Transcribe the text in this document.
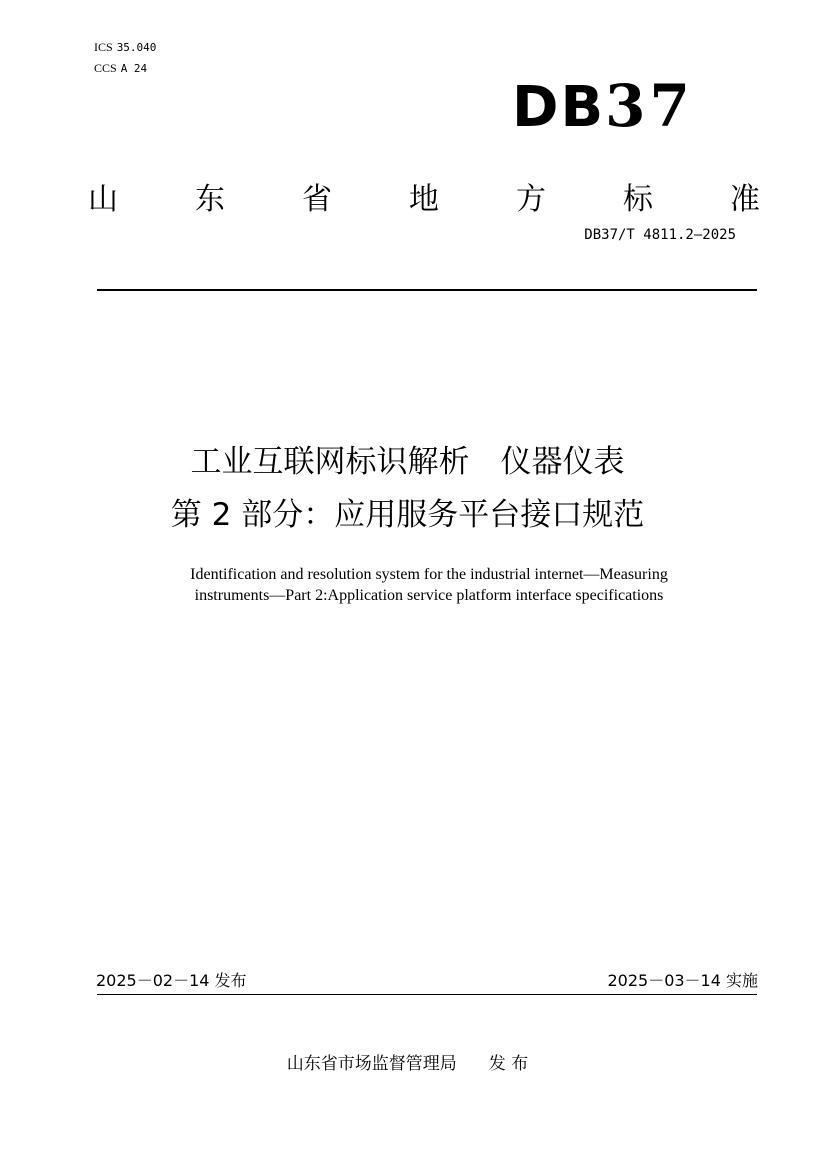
ICS 35.040
CCS A 24
DB37
山	东	省	地	方	标	准
DB37/T 4811.2—2025
工业互联网标识解析　仪器仪表
第 2 部分：应用服务平台接口规范
Identification and resolution system for the industrial internet—Measuring
instruments—Part 2:Application service platform interface specifications
2025－02－14 发布	2025－03－14 实施
山东省市场监督管理局 发 布
